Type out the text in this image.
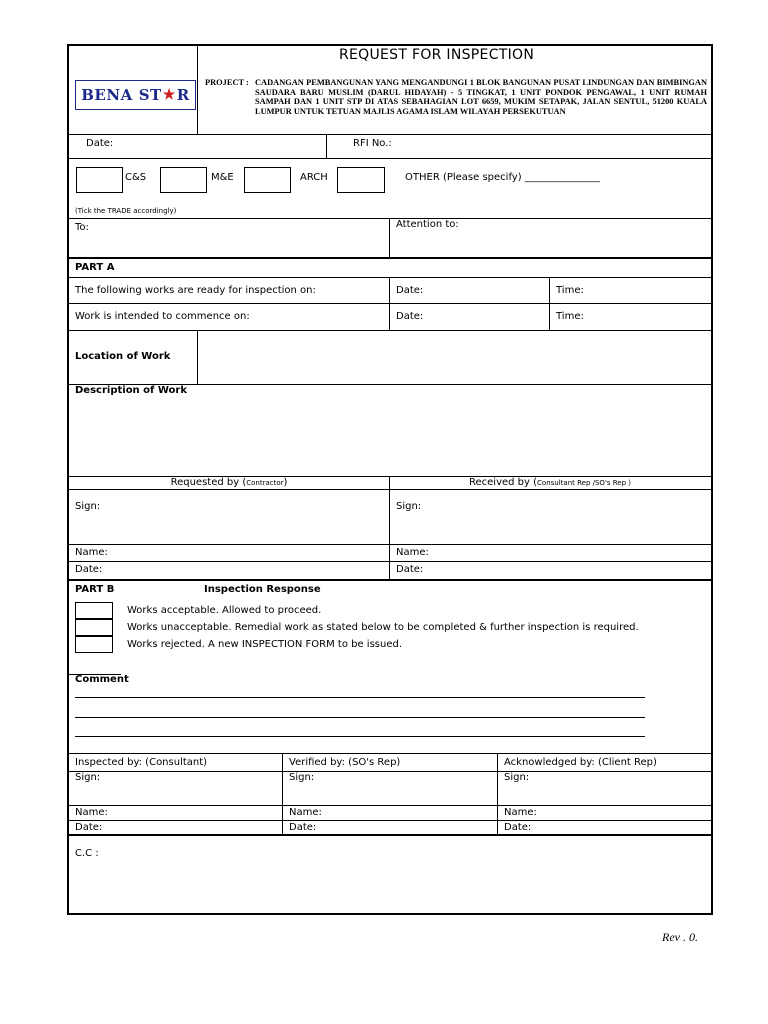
REQUEST FOR INSPECTION
BENA ST ★ R
PROJECT : CADANGAN PEMBANGUNAN YANG MENGANDUNGI 1 BLOK BANGUNAN PUSAT LINDUNGAN DAN BIMBINGAN SAUDARA BARU MUSLIM (DARUL HIDAYAH) - 5 TINGKAT, 1 UNIT PONDOK PENGAWAL, 1 UNIT RUMAH SAMPAH DAN 1 UNIT STP DI ATAS SEBAHAGIAN LOT 6659, MUKIM SETAPAK, JALAN SENTUL, 51200 KUALA LUMPUR UNTUK TETUAN MAJLIS AGAMA ISLAM WILAYAH PERSEKUTUAN
Date:	RFI No.:
C&S	M&E	ARCH	OTHER (Please specify) _______________
(Tick the TRADE accordingly)
To:	Attention to:
PART A
The following works are ready for inspection on:	Date:	Time:
Work is intended to commence on:	Date:	Time:
Location of Work
Description of Work
Requested by (Contractor)	Received by (Consultant Rep /SO's Rep )
Sign:	Sign:
Name:	Name:
Date:	Date:
PART B	Inspection Response
Works acceptable. Allowed to proceed.
Works unacceptable. Remedial work as stated below to be completed & further inspection is required.
Works rejected. A new INSPECTION FORM to be issued.
Comment
Inspected by: (Consultant)	Verified by: (SO's Rep)	Acknowledged by: (Client Rep)
Sign:	Sign:	Sign:
Name:	Name:	Name:
Date:	Date:	Date:
C.C :
Rev . 0.
